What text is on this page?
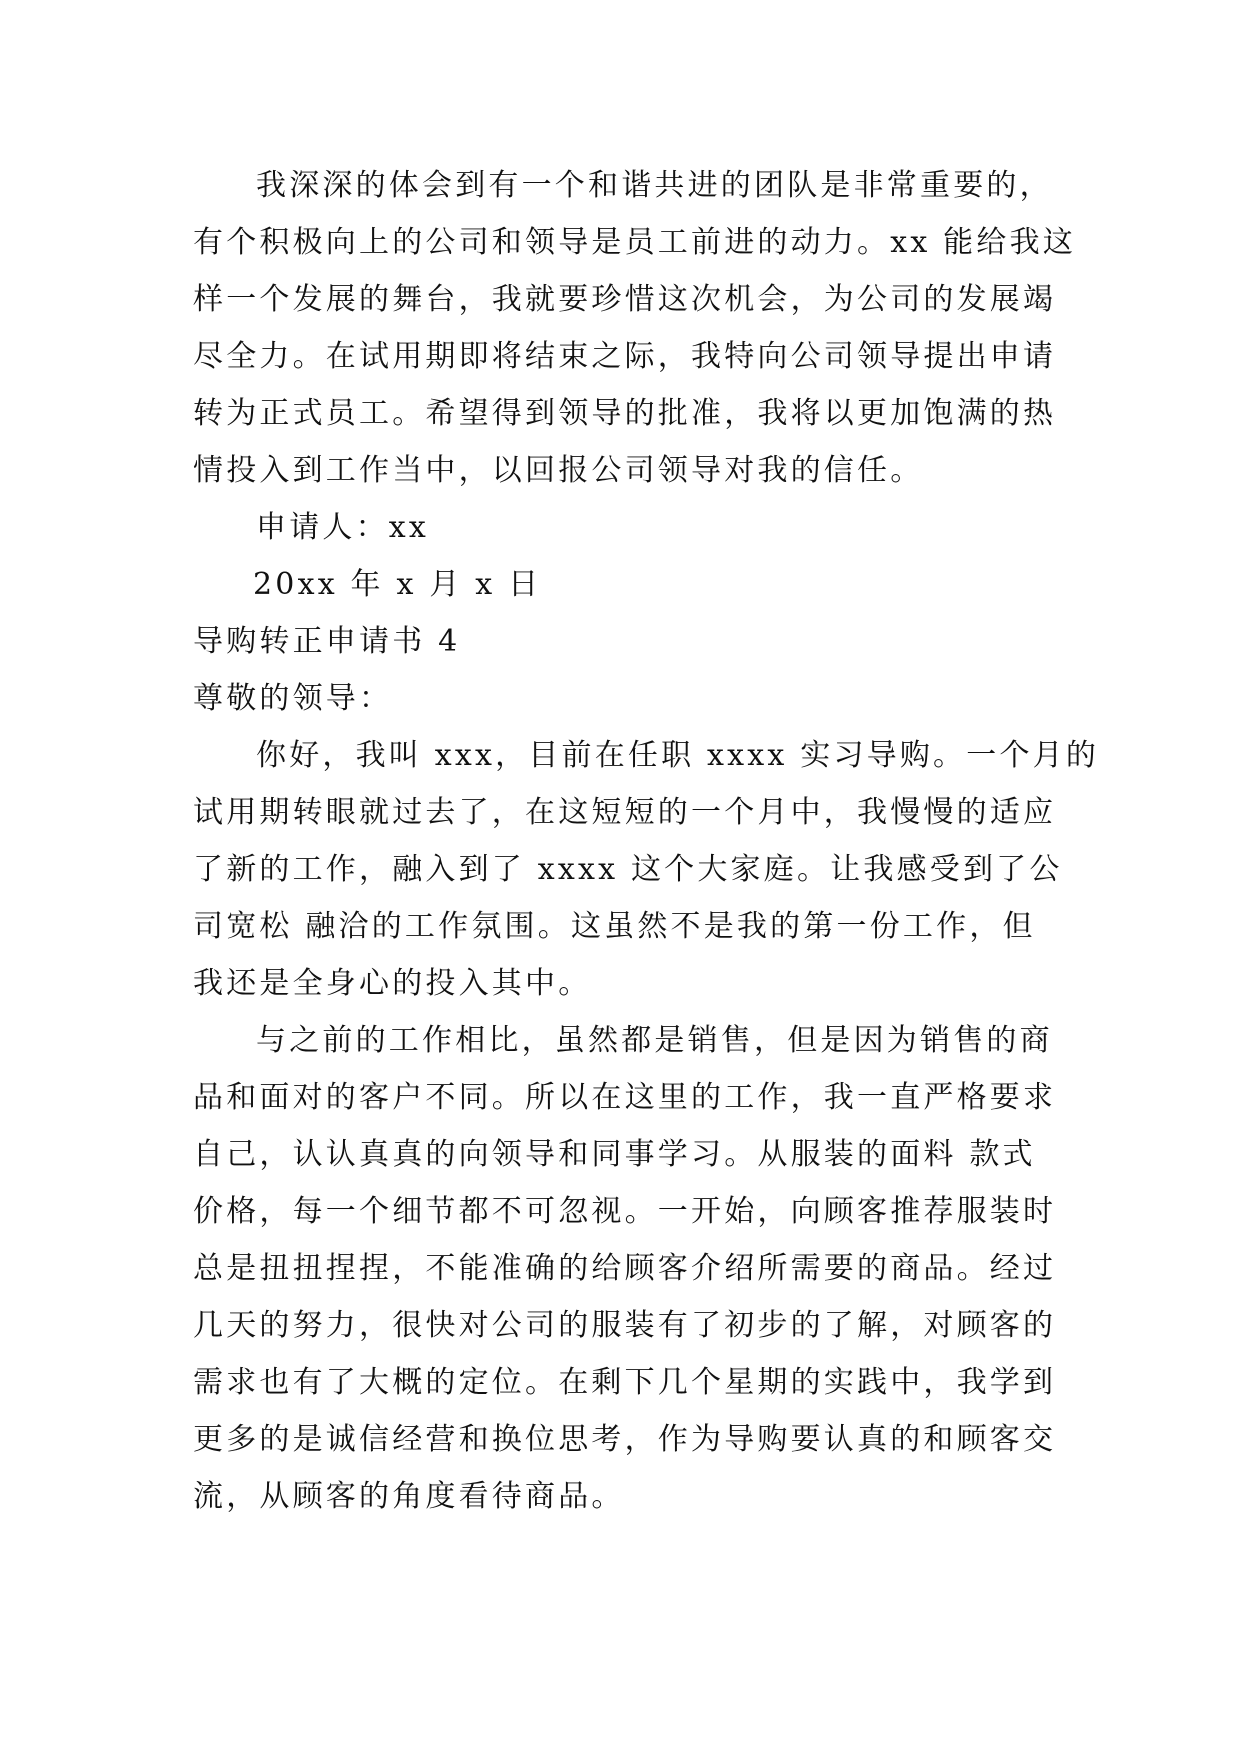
我深深的体会到有一个和谐共进的团队是非常重要的，
有个积极向上的公司和领导是员工前进的动力。xx 能给我这
样一个发展的舞台，我就要珍惜这次机会，为公司的发展竭
尽全力。在试用期即将结束之际，我特向公司领导提出申请
转为正式员工。希望得到领导的批准，我将以更加饱满的热
情投入到工作当中，以回报公司领导对我的信任。
申请人：xx
20xx 年 x 月 x 日
导购转正申请书 4
尊敬的领导：
你好，我叫 xxx，目前在任职 xxxx 实习导购。一个月的
试用期转眼就过去了，在这短短的一个月中，我慢慢的适应
了新的工作，融入到了 xxxx 这个大家庭。让我感受到了公
司宽松 融洽的工作氛围。这虽然不是我的第一份工作，但
我还是全身心的投入其中。
与之前的工作相比，虽然都是销售，但是因为销售的商
品和面对的客户不同。所以在这里的工作，我一直严格要求
自己，认认真真的向领导和同事学习。从服装的面料 款式
价格，每一个细节都不可忽视。一开始，向顾客推荐服装时
总是扭扭捏捏，不能准确的给顾客介绍所需要的商品。经过
几天的努力，很快对公司的服装有了初步的了解，对顾客的
需求也有了大概的定位。在剩下几个星期的实践中，我学到
更多的是诚信经营和换位思考，作为导购要认真的和顾客交
流，从顾客的角度看待商品。
